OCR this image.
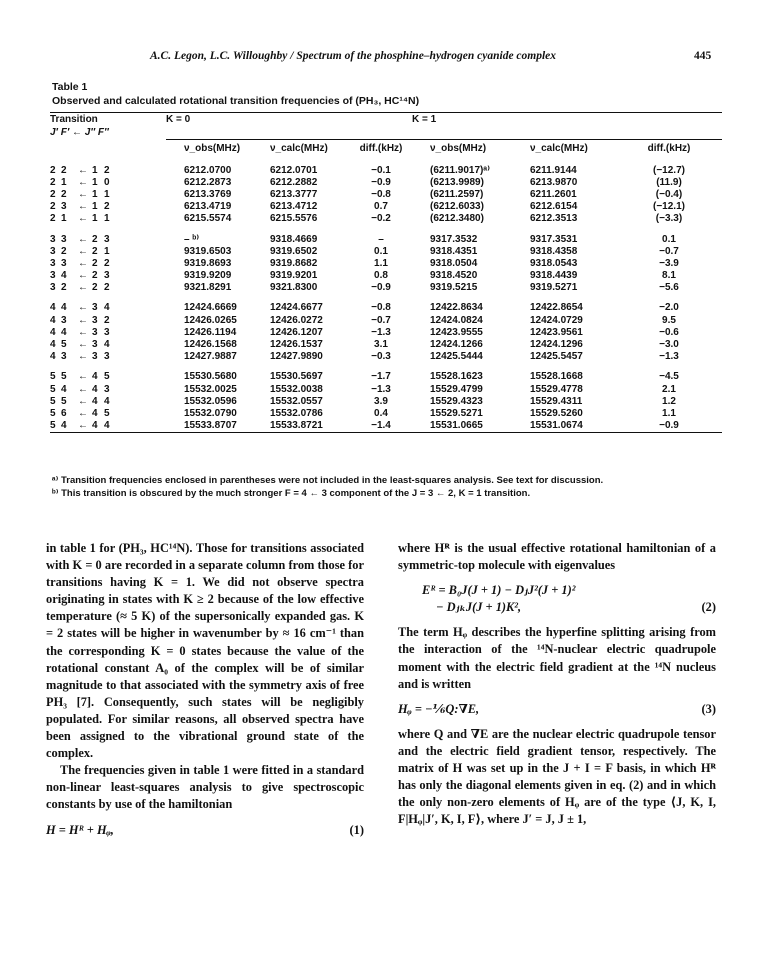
A.C. Legon, L.C. Willoughby / Spectrum of the phosphine–hydrogen cyanide complex	445
Table 1
Observed and calculated rotational transition frequencies of (PH₃, HC¹⁴N)
Transition					K = 0			K = 1		
J′ F′ ← J″ F″										
					ν_obs(MHz)	ν_calc(MHz)	diff.(kHz)	ν_obs(MHz)	ν_calc(MHz)	diff.(kHz)

2	2	←	1	2	6212.0700	6212.0701	−0.1	(6211.9017)ᵃ⁾	6211.9144	(−12.7)
2	1	←	1	0	6212.2873	6212.2882	−0.9	(6213.9989)	6213.9870	(11.9)
2	2	←	1	1	6213.3769	6213.3777	−0.8	(6211.2597)	6211.2601	(−0.4)
2	3	←	1	2	6213.4719	6213.4712	0.7	(6212.6033)	6212.6154	(−12.1)
2	1	←	1	1	6215.5574	6215.5576	−0.2	(6212.3480)	6212.3513	(−3.3)

3	3	←	2	3	– ᵇ⁾	9318.4669	–	9317.3532	9317.3531	0.1
3	2	←	2	1	9319.6503	9319.6502	0.1	9318.4351	9318.4358	−0.7
3	3	←	2	2	9319.8693	9319.8682	1.1	9318.0504	9318.0543	−3.9
3	4	←	2	3	9319.9209	9319.9201	0.8	9318.4520	9318.4439	8.1
3	2	←	2	2	9321.8291	9321.8300	−0.9	9319.5215	9319.5271	−5.6

4	4	←	3	4	12424.6669	12424.6677	−0.8	12422.8634	12422.8654	−2.0
4	3	←	3	2	12426.0265	12426.0272	−0.7	12424.0824	12424.0729	9.5
4	4	←	3	3	12426.1194	12426.1207	−1.3	12423.9555	12423.9561	−0.6
4	5	←	3	4	12426.1568	12426.1537	3.1	12424.1266	12424.1296	−3.0
4	3	←	3	3	12427.9887	12427.9890	−0.3	12425.5444	12425.5457	−1.3

5	5	←	4	5	15530.5680	15530.5697	−1.7	15528.1623	15528.1668	−4.5
5	4	←	4	3	15532.0025	15532.0038	−1.3	15529.4799	15529.4778	2.1
5	5	←	4	4	15532.0596	15532.0557	3.9	15529.4323	15529.4311	1.2
5	6	←	4	5	15532.0790	15532.0786	0.4	15529.5271	15529.5260	1.1
5	4	←	4	4	15533.8707	15533.8721	−1.4	15531.0665	15531.0674	−0.9
ᵃ⁾ Transition frequencies enclosed in parentheses were not included in the least-squares analysis. See text for discussion.
ᵇ⁾ This transition is obscured by the much stronger F = 4 ← 3 component of the J = 3 ← 2, K = 1 transition.

in table 1 for (PH₃, HC¹⁴N). Those for transitions associated with K = 0 are recorded in a separate column from those for transitions having K = 1. We did not observe spectra originating in states with K ≥ 2 because of the low effective temperature (≈ 5 K) of the supersonically expanded gas. K = 2 states will be higher in wavenumber by ≈ 16 cm⁻¹ than the corresponding K = 0 states because the value of the rotational constant A₀ of the complex will be of similar magnitude to that associated with the symmetry axis of free PH₃ [7]. Consequently, such states will be negligibly populated. For similar reasons, all observed spectra have been assigned to the vibrational ground state of the complex.

The frequencies given in table 1 were fitted in a standard non-linear least-squares analysis to give spectroscopic constants by use of the hamiltonian

H = Hᴿ + Hᵩ,	(1)

where Hᴿ is the usual effective rotational hamiltonian of a symmetric-top molecule with eigenvalues

Eᴿ = B₀J(J + 1) − DⱼJ²(J + 1)²
− DⱼₖJ(J + 1)K²,	(2)

The term Hᵩ describes the hyperfine splitting arising from the interaction of the ¹⁴N-nuclear electric quadrupole moment with the electric field gradient at the ¹⁴N nucleus and is written

Hᵩ = −⅙Q:∇E,	(3)

where Q and ∇E are the nuclear electric quadrupole tensor and the electric field gradient tensor, respectively. The matrix of H was set up in the J + I = F basis, in which Hᴿ has only the diagonal elements given in eq. (2) and in which the only non-zero elements of Hᵩ are of the type ⟨J, K, I, F|Hᵩ|J′, K, I, F⟩, where J′ = J, J ± 1,
